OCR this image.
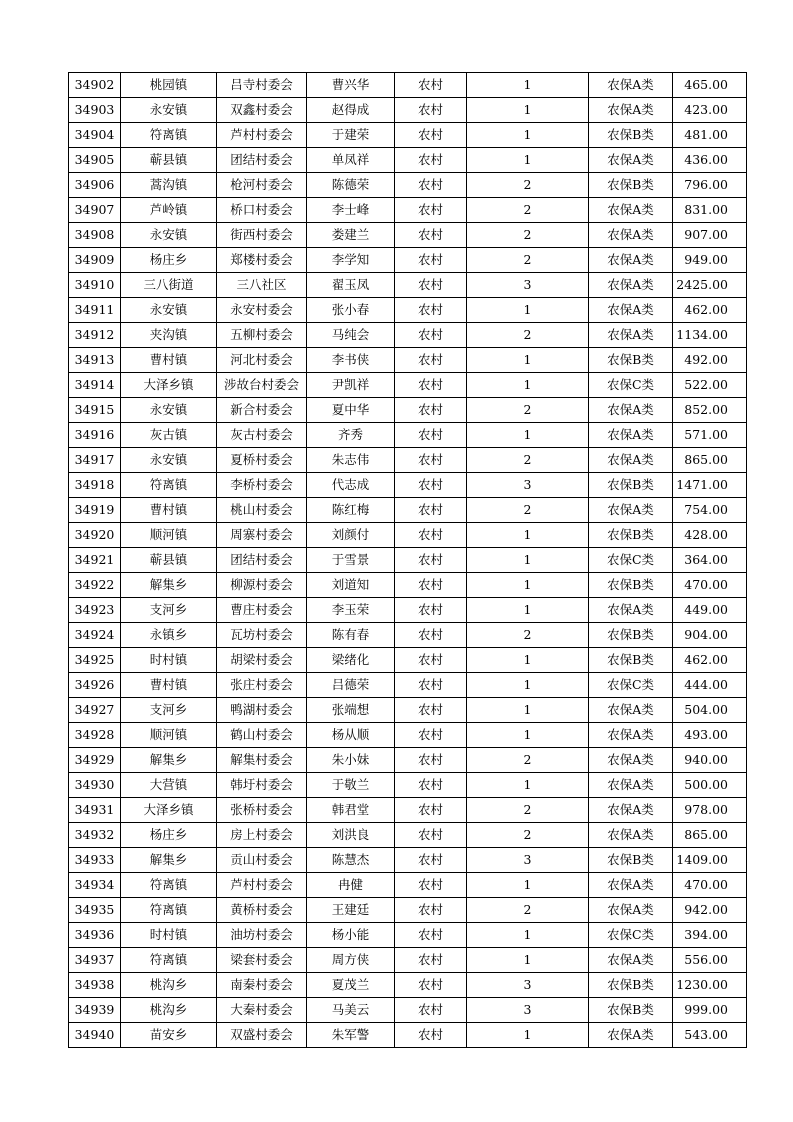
34902	桃园镇	吕寺村委会	曹兴华	农村	1	农保A类	465.00
34903	永安镇	双鑫村委会	赵得成	农村	1	农保A类	423.00
34904	符离镇	芦村村委会	于建荣	农村	1	农保B类	481.00
34905	蕲县镇	团结村委会	单凤祥	农村	1	农保A类	436.00
34906	蒿沟镇	枪河村委会	陈德荣	农村	2	农保B类	796.00
34907	芦岭镇	桥口村委会	李士峰	农村	2	农保A类	831.00
34908	永安镇	街西村委会	娄建兰	农村	2	农保A类	907.00
34909	杨庄乡	郑楼村委会	李学知	农村	2	农保A类	949.00
34910	三八街道	三八社区	翟玉凤	农村	3	农保A类	2425.00
34911	永安镇	永安村委会	张小春	农村	1	农保A类	462.00
34912	夹沟镇	五柳村委会	马纯会	农村	2	农保A类	1134.00
34913	曹村镇	河北村委会	李书侠	农村	1	农保B类	492.00
34914	大泽乡镇	涉故台村委会	尹凯祥	农村	1	农保C类	522.00
34915	永安镇	新合村委会	夏中华	农村	2	农保A类	852.00
34916	灰古镇	灰古村委会	齐秀	农村	1	农保A类	571.00
34917	永安镇	夏桥村委会	朱志伟	农村	2	农保A类	865.00
34918	符离镇	李桥村委会	代志成	农村	3	农保B类	1471.00
34919	曹村镇	桃山村委会	陈红梅	农村	2	农保A类	754.00
34920	顺河镇	周寨村委会	刘颜付	农村	1	农保B类	428.00
34921	蕲县镇	团结村委会	于雪景	农村	1	农保C类	364.00
34922	解集乡	柳源村委会	刘道知	农村	1	农保B类	470.00
34923	支河乡	曹庄村委会	李玉荣	农村	1	农保A类	449.00
34924	永镇乡	瓦坊村委会	陈有春	农村	2	农保B类	904.00
34925	时村镇	胡梁村委会	梁绪化	农村	1	农保B类	462.00
34926	曹村镇	张庄村委会	吕德荣	农村	1	农保C类	444.00
34927	支河乡	鸭湖村委会	张端想	农村	1	农保A类	504.00
34928	顺河镇	鹤山村委会	杨从顺	农村	1	农保A类	493.00
34929	解集乡	解集村委会	朱小妹	农村	2	农保A类	940.00
34930	大营镇	韩圩村委会	于敬兰	农村	1	农保A类	500.00
34931	大泽乡镇	张桥村委会	韩君堂	农村	2	农保A类	978.00
34932	杨庄乡	房上村委会	刘洪良	农村	2	农保A类	865.00
34933	解集乡	贡山村委会	陈慧杰	农村	3	农保B类	1409.00
34934	符离镇	芦村村委会	冉健	农村	1	农保A类	470.00
34935	符离镇	黄桥村委会	王建廷	农村	2	农保A类	942.00
34936	时村镇	油坊村委会	杨小能	农村	1	农保C类	394.00
34937	符离镇	梁套村委会	周方侠	农村	1	农保A类	556.00
34938	桃沟乡	南秦村委会	夏茂兰	农村	3	农保B类	1230.00
34939	桃沟乡	大秦村委会	马美云	农村	3	农保B类	999.00
34940	苗安乡	双盛村委会	朱军警	农村	1	农保A类	543.00
